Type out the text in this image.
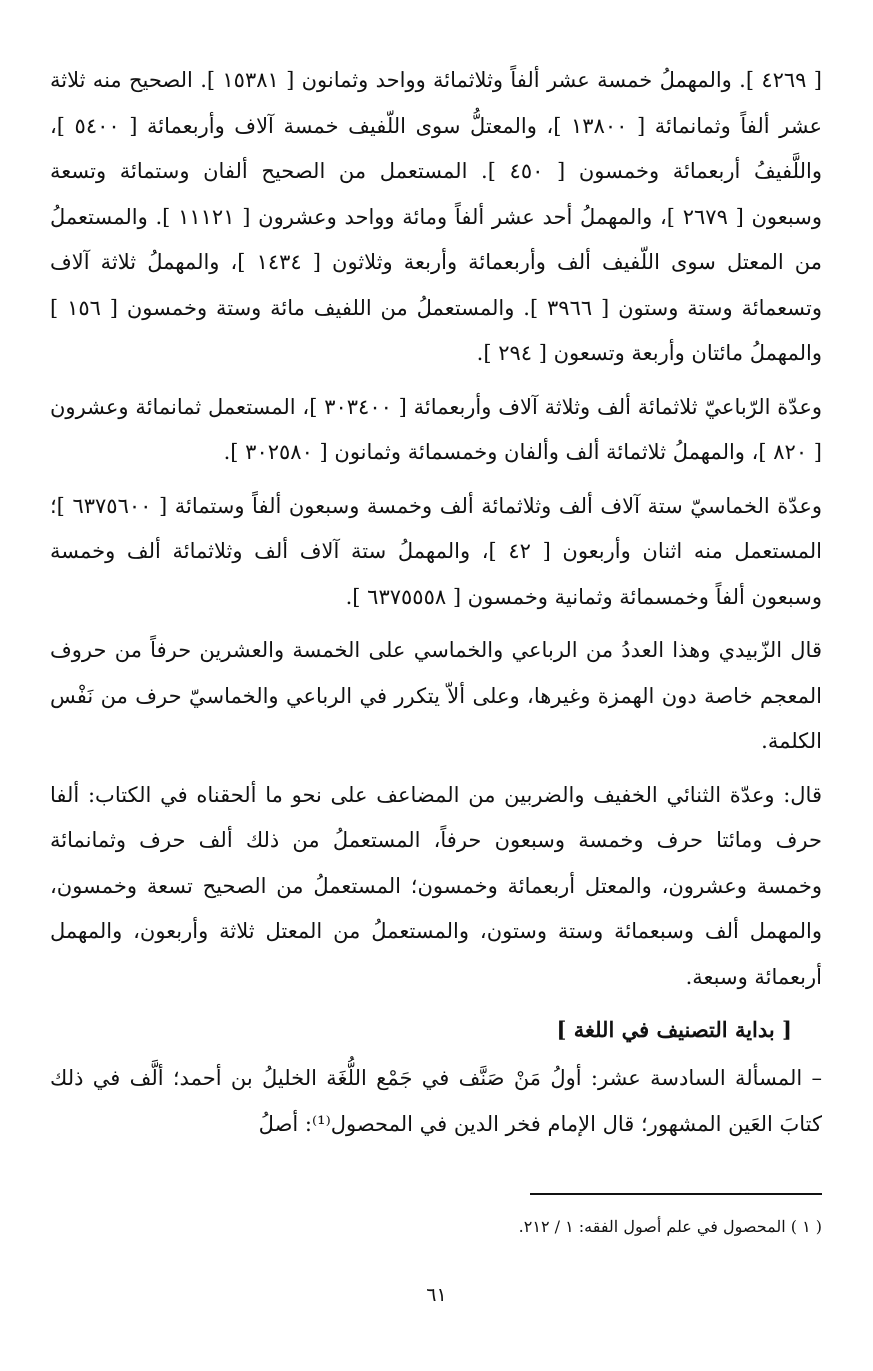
[ ٤٢٦٩ ]. والمهملُ خمسة عشر ألفاً وثلاثمائة وواحد وثمانون [ ١٥٣٨١ ]. الصحيح منه ثلاثة عشر ألفاً وثمانمائة [ ١٣٨٠٠ ]، والمعتلُّ سوى اللّفيف خمسة آلاف وأربعمائة [ ٥٤٠٠ ]، واللَّفيفُ أربعمائة وخمسون [ ٤٥٠ ]. المستعمل من الصحيح ألفان وستمائة وتسعة وسبعون [ ٢٦٧٩ ]، والمهملُ أحد عشر ألفاً ومائة وواحد وعشرون [ ١١١٢١ ]. والمستعملُ من المعتل سوى اللّفيف ألف وأربعمائة وأربعة وثلاثون [ ١٤٣٤ ]، والمهملُ ثلاثة آلاف وتسعمائة وستة وستون [ ٣٩٦٦ ]. والمستعملُ من اللفيف مائة وستة وخمسون [ ١٥٦ ] والمهملُ مائتان وأربعة وتسعون [ ٢٩٤ ].

وعدّة الرّباعيّ ثلاثمائة ألف وثلاثة آلاف وأربعمائة [ ٣٠٣٤٠٠ ]، المستعمل ثمانمائة وعشرون [ ٨٢٠ ]، والمهملُ ثلاثمائة ألف وألفان وخمسمائة وثمانون [ ٣٠٢٥٨٠ ].

وعدّة الخماسيّ ستة آلاف ألف وثلاثمائة ألف وخمسة وسبعون ألفاً وستمائة [ ٦٣٧٥٦٠٠ ]؛ المستعمل منه اثنان وأربعون [ ٤٢ ]، والمهملُ ستة آلاف ألف وثلاثمائة ألف وخمسة وسبعون ألفاً وخمسمائة وثمانية وخمسون [ ٦٣٧٥٥٥٨ ].

قال الزّبيدي وهذا العددُ من الرباعي والخماسي على الخمسة والعشرين حرفاً من حروف المعجم خاصة دون الهمزة وغيرها، وعلى ألاّ يتكرر في الرباعي والخماسيّ حرف من نَفْس الكلمة.

قال: وعدّة الثنائي الخفيف والضربين من المضاعف على نحو ما ألحقناه في الكتاب: ألفا حرف ومائتا حرف وخمسة وسبعون حرفاً، المستعملُ من ذلك ألف حرف وثمانمائة وخمسة وعشرون، والمعتل أربعمائة وخمسون؛ المستعملُ من الصحيح تسعة وخمسون، والمهمل ألف وسبعمائة وستة وستون، والمستعملُ من المعتل ثلاثة وأربعون، والمهمل أربعمائة وسبعة.

[ بداية التصنيف في اللغة ]

– المسألة السادسة عشر: أولُ مَنْ صَنَّف في جَمْع اللُّغَة الخليلُ بن أحمد؛ ألَّف في ذلك كتابَ العَين المشهور؛ قال الإمام فخر الدين في المحصول⁽¹⁾: أصلُ

( ١ ) المحصول في علم أصول الفقه: ١ / ٢١٢.
٦١
